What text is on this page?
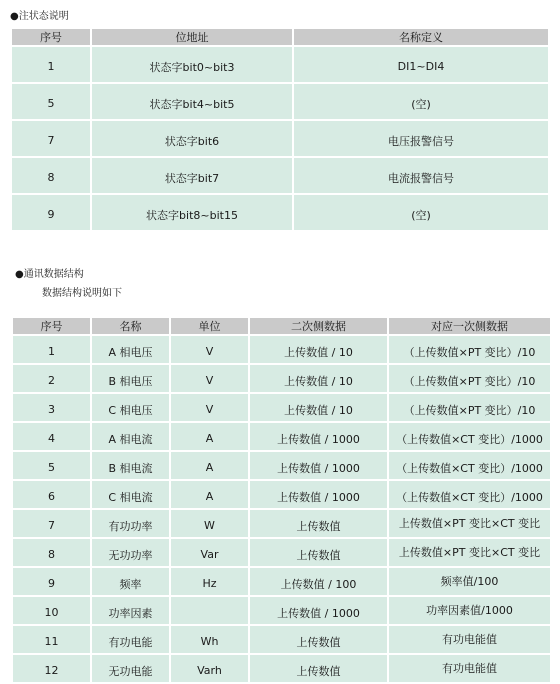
●注状态说明
序号	位地址	名称定义
1	状态字bit0~bit3	DI1~DI4
5	状态字bit4~bit5	(空)
7	状态字bit6	电压报警信号
8	状态字bit7	电流报警信号
9	状态字bit8~bit15	(空)
●通讯数据结构
数据结构说明如下
序号	名称	单位	二次侧数据	对应一次侧数据
1	A 相电压	V	上传数值 / 10	（上传数值×PT 变比）/10
2	B 相电压	V	上传数值 / 10	（上传数值×PT 变比）/10
3	C 相电压	V	上传数值 / 10	（上传数值×PT 变比）/10
4	A 相电流	A	上传数值 / 1000	（上传数值×CT 变比）/1000
5	B 相电流	A	上传数值 / 1000	（上传数值×CT 变比）/1000
6	C 相电流	A	上传数值 / 1000	（上传数值×CT 变比）/1000
7	有功功率	W	上传数值	上传数值×PT 变比×CT 变比
8	无功功率	Var	上传数值	上传数值×PT 变比×CT 变比
9	频率	Hz	上传数值 / 100	频率值/100
10	功率因素		上传数值 / 1000	功率因素值/1000
11	有功电能	Wh	上传数值	有功电能值
12	无功电能	Varh	上传数值	有功电能值
